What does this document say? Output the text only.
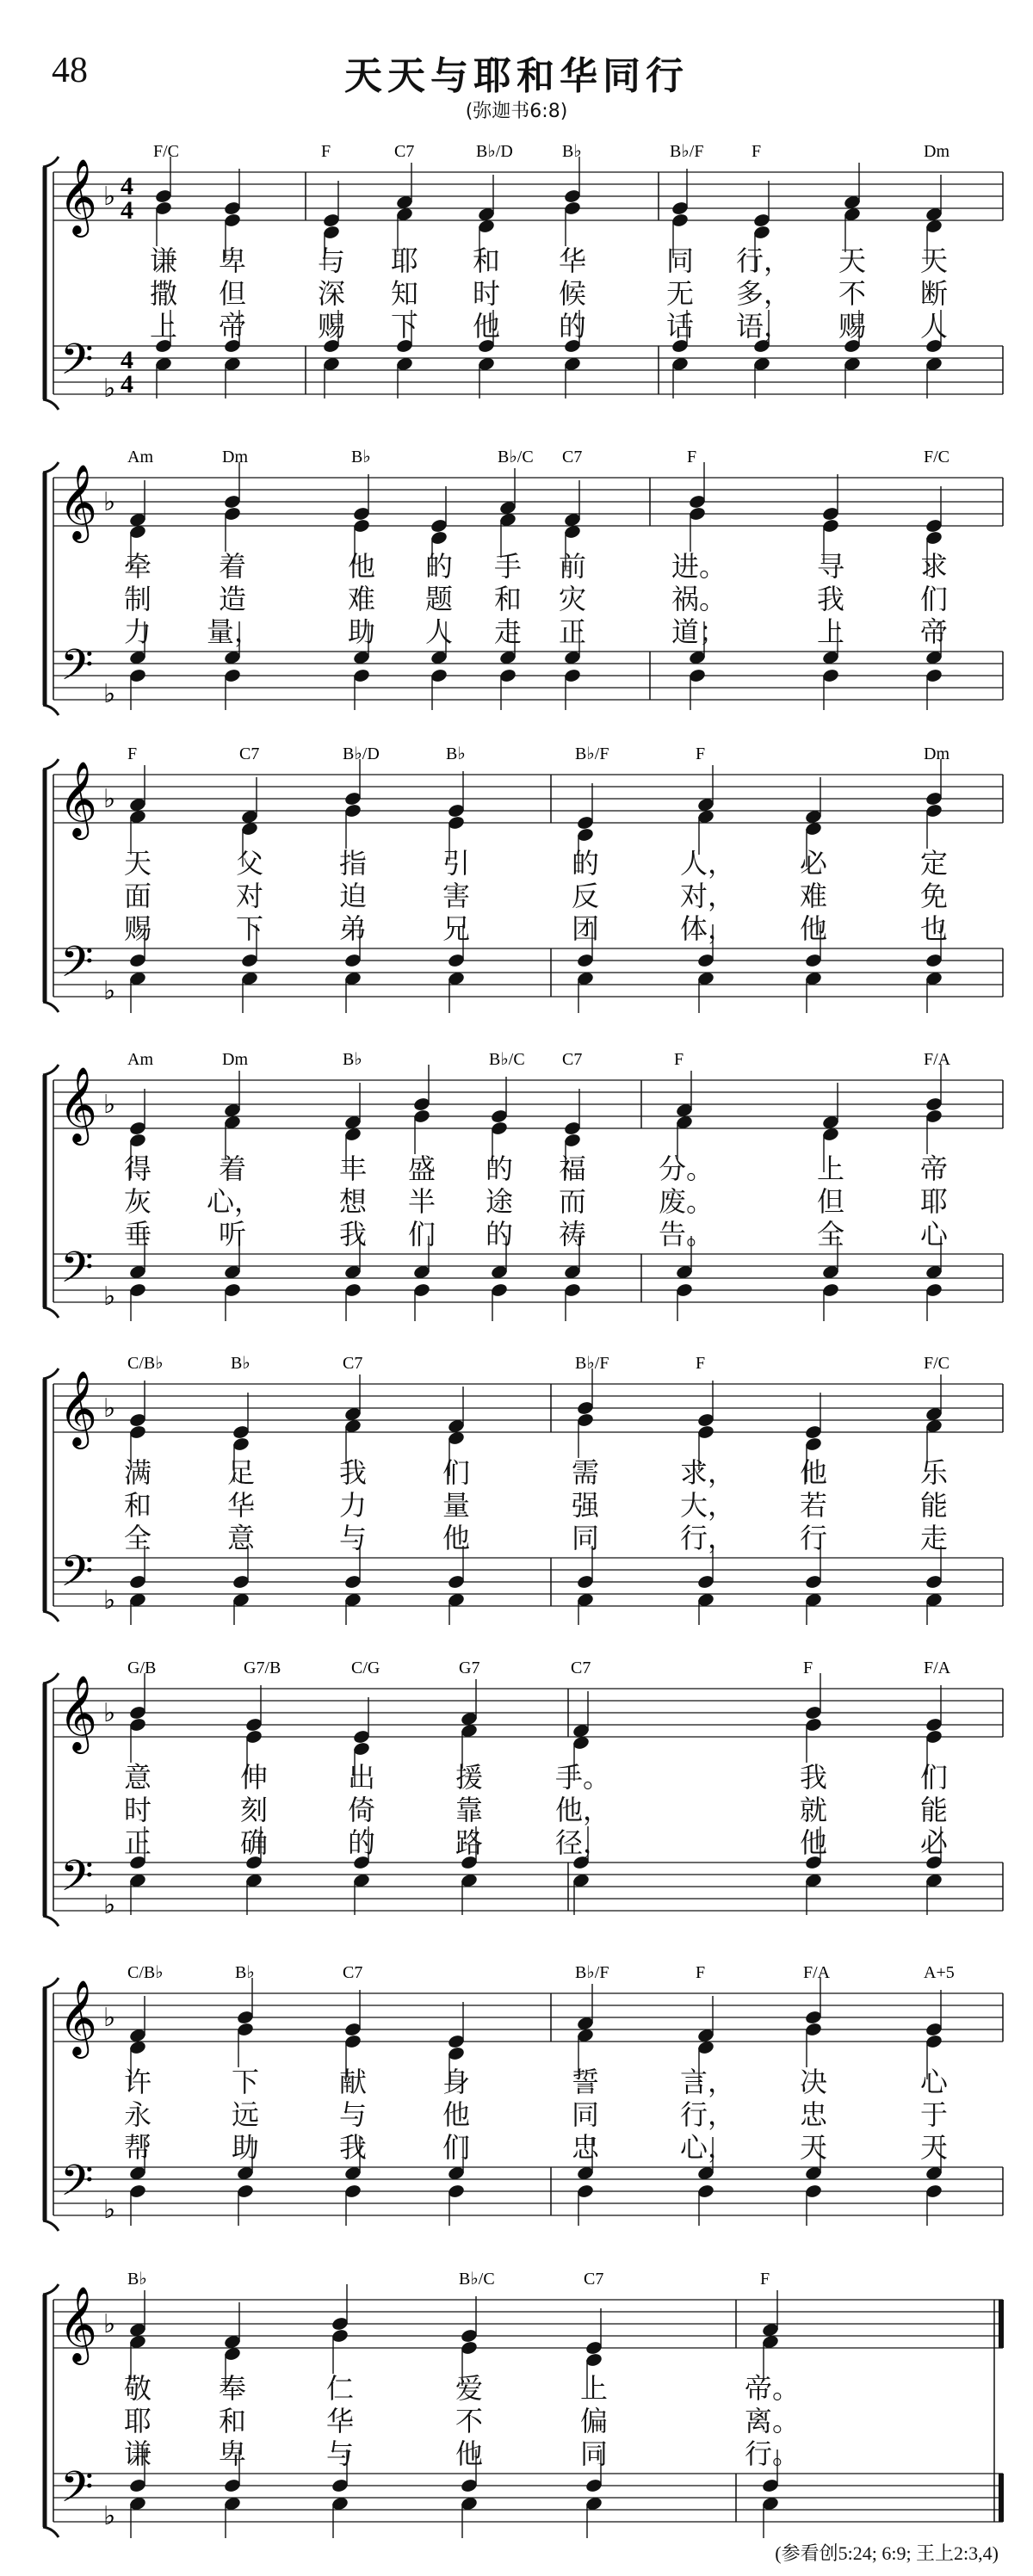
48	天天与耶和华同行
(弥迦书6:8)
𝄞
𝄢
♭
♭
4
4
4
4
F/C	F	C7	B♭/D	B♭	B♭/F	F	Dm
谦	卑	与	耶	和	华	同	行，	天	天
撒	但	深	知	时	候	无	多，	不	断
上	帝	赐	下	他	的	话	语，	赐	人
𝄞
𝄢
♭
♭
Am	Dm	B♭	B♭/C C7	F	F/C
牵	着	他	的	手	前	进。	寻	求
制	造	难	题	和	灾	祸。	我	们
力	量，	助	人	走	正	道；	上	帝
𝄞
𝄢
♭
♭
F	C7	B♭/D	B♭	B♭/F	F	Dm
天	父	指	引	的	人，	必	定
面	对	迫	害	反	对，	难	免
赐	下	弟	兄	团	体，	他	也
𝄞
𝄢
♭
♭
Am	Dm	B♭	B♭/C C7	F	F/A
得	着	丰	盛	的	福	分。	上	帝
灰	心，	想	半	途	而	废。	但	耶
垂	听	我	们	的	祷	告。	全	心
𝄞
𝄢
♭
♭
C/B♭	B♭	C7	B♭/F	F	F/C
满	足	我	们	需	求，	他	乐
和	华	力	量	强	大，	若	能
全	意	与	他	同	行，	行	走
𝄞
𝄢
♭
♭
G/B	G7/B	C/G	G7	C7	F	F/A
意	伸	出	援	手。	我	们
时	刻	倚	靠	他，	就	能
正	确	的	路	径，	他	必
𝄞
𝄢
♭
♭
C/B♭	B♭	C7	B♭/F	F	F/A	A+5
许	下	献	身	誓	言，	决	心
永	远	与	他	同	行，	忠	于
帮	助	我	们	忠	心，	天	天
𝄞
𝄢
♭
♭
B♭	B♭/C	C7	F
敬	奉	仁	爱	上	帝。
耶	和	华	不	偏	离。
谦	卑	与	他	同	行。
(参看创5:24; 6:9; 王上2:3,4)
